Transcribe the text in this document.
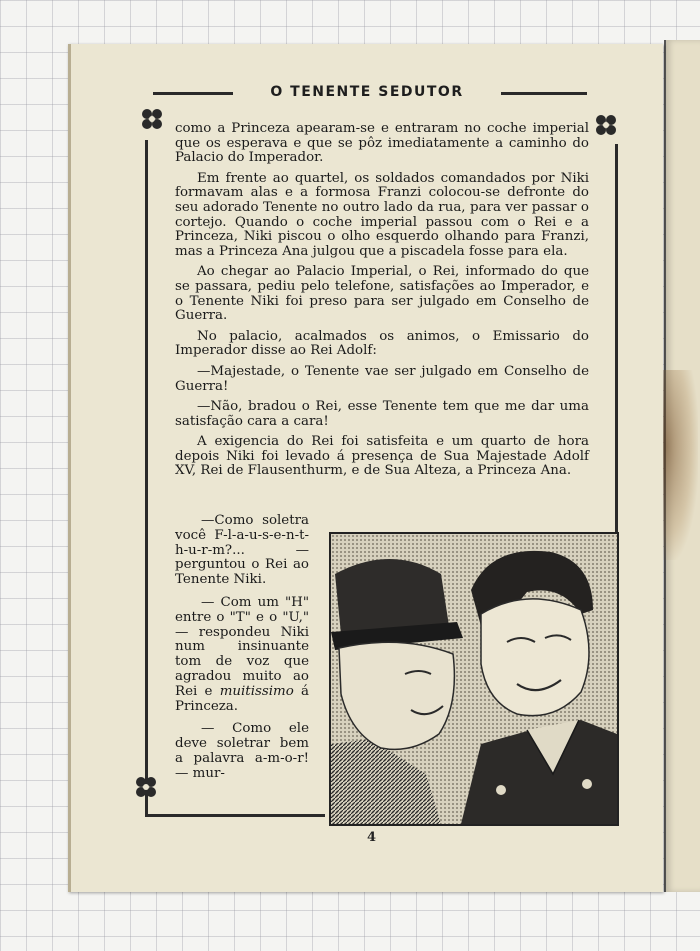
O TENENTE SEDUTOR

como a Princeza apearam-se e entraram no coche imperial que os esperava e que se pôz imediatamente a caminho do Palacio do Imperador.

Em frente ao quartel, os soldados comandados por Niki formavam alas e a formosa Franzi colocou-se defronte do seu adorado Tenente no outro lado da rua, para ver passar o cortejo. Quando o coche imperial passou com o Rei e a Princeza, Niki piscou o olho esquerdo olhando para Franzi, mas a Princeza Ana julgou que a piscadela fosse para ela.

Ao chegar ao Palacio Imperial, o Rei, informado do que se passara, pediu pelo telefone, satisfações ao Imperador, e o Tenente Niki foi preso para ser julgado em Conselho de Guerra.

No palacio, acalmados os animos, o Emissario do Imperador disse ao Rei Adolf:

—Majestade, o Tenente vae ser julgado em Conselho de Guerra!

—Não, bradou o Rei, esse Tenente tem que me dar uma satisfação cara a cara!

A exigencia do Rei foi satisfeita e um quarto de hora depois Niki foi levado á presença de Sua Majestade Adolf XV, Rei de Flausenthurm, e de Sua Alteza, a Princeza Ana.

—Como soletra você F-l-a-u-s-e-n-t-h-u-r-m?... —perguntou o Rei ao Tenente Niki.

— Com um "H" entre o "T" e o "U," — respondeu Niki num insinuante tom de voz que agradou muito ao Rei e muitissimo á Princeza.

— Como ele deve soletrar bem a palavra a-m-o-r! — mur-

4
